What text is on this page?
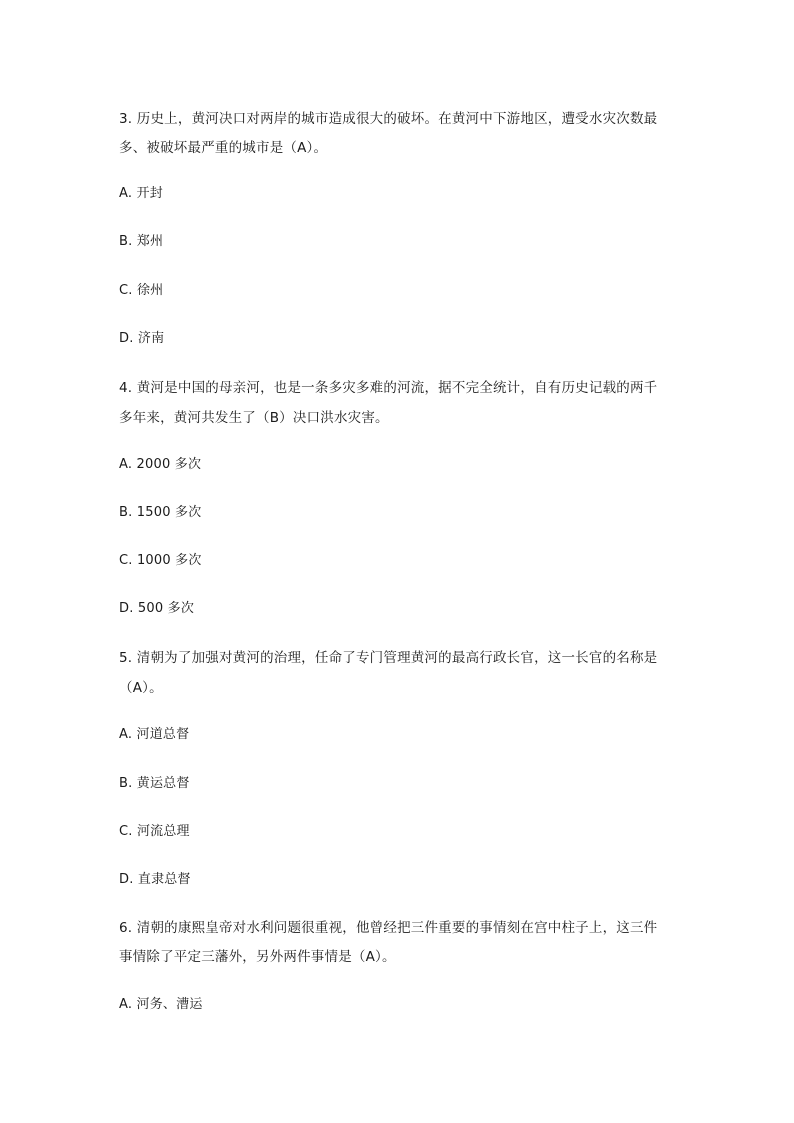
3. 历史上，黄河决口对两岸的城市造成很大的破坏。在黄河中下游地区，遭受水灾次数最
多、被破坏最严重的城市是（A）。
A. 开封
B. 郑州
C. 徐州
D. 济南
4. 黄河是中国的母亲河，也是一条多灾多难的河流，据不完全统计，自有历史记载的两千
多年来，黄河共发生了（B）决口洪水灾害。
A. 2000 多次
B. 1500 多次
C. 1000 多次
D. 500 多次
5. 清朝为了加强对黄河的治理，任命了专门管理黄河的最高行政长官，这一长官的名称是
（A）。
A. 河道总督
B. 黄运总督
C. 河流总理
D. 直隶总督
6. 清朝的康熙皇帝对水利问题很重视，他曾经把三件重要的事情刻在宫中柱子上，这三件
事情除了平定三藩外，另外两件事情是（A）。
A. 河务、漕运
